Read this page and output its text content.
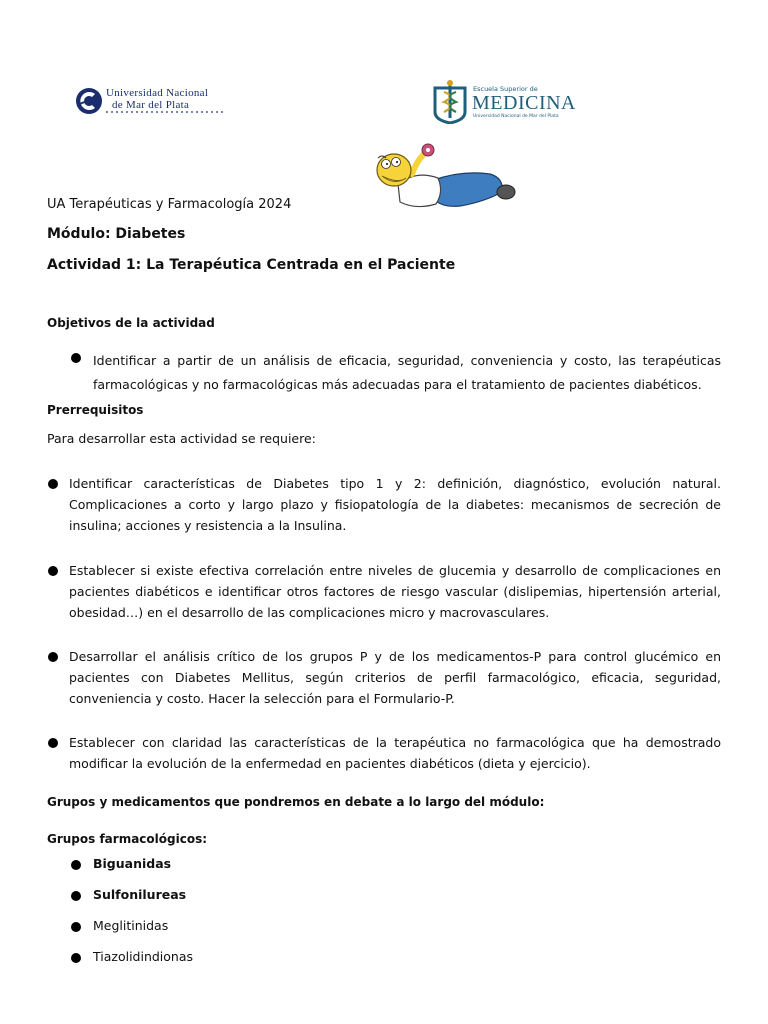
Universidad Nacional
de Mar del Plata
Escuela Superior de
MEDICINA
Universidad Nacional de Mar del Plata
UA Terapéuticas y Farmacología 2024
Módulo: Diabetes
Actividad 1: La Terapéutica Centrada en el Paciente
Objetivos de la actividad
Identificar a partir de un análisis de eficacia, seguridad, conveniencia y costo, las terapéuticas farmacológicas y no farmacológicas más adecuadas para el tratamiento de pacientes diabéticos.
Prerrequisitos
Para desarrollar esta actividad se requiere:
Identificar características de Diabetes tipo 1 y 2: definición, diagnóstico, evolución natural. Complicaciones a corto y largo plazo y fisiopatología de la diabetes: mecanismos de secreción de insulina; acciones y resistencia a la Insulina.
Establecer si existe efectiva correlación entre niveles de glucemia y desarrollo de complicaciones en pacientes diabéticos e identificar otros factores de riesgo vascular (dislipemias, hipertensión arterial, obesidad…) en el desarrollo de las complicaciones micro y macrovasculares.
Desarrollar el análisis crítico de los grupos P y de los medicamentos-P para control glucémico en pacientes con Diabetes Mellitus, según criterios de perfil farmacológico, eficacia, seguridad, conveniencia y costo. Hacer la selección para el Formulario-P.
Establecer con claridad las características de la terapéutica no farmacológica que ha demostrado modificar la evolución de la enfermedad en pacientes diabéticos (dieta y ejercicio).
Grupos y medicamentos que pondremos en debate a lo largo del módulo:
Grupos farmacológicos:
Biguanidas
Sulfonilureas
Meglitinidas
Tiazolidindionas
